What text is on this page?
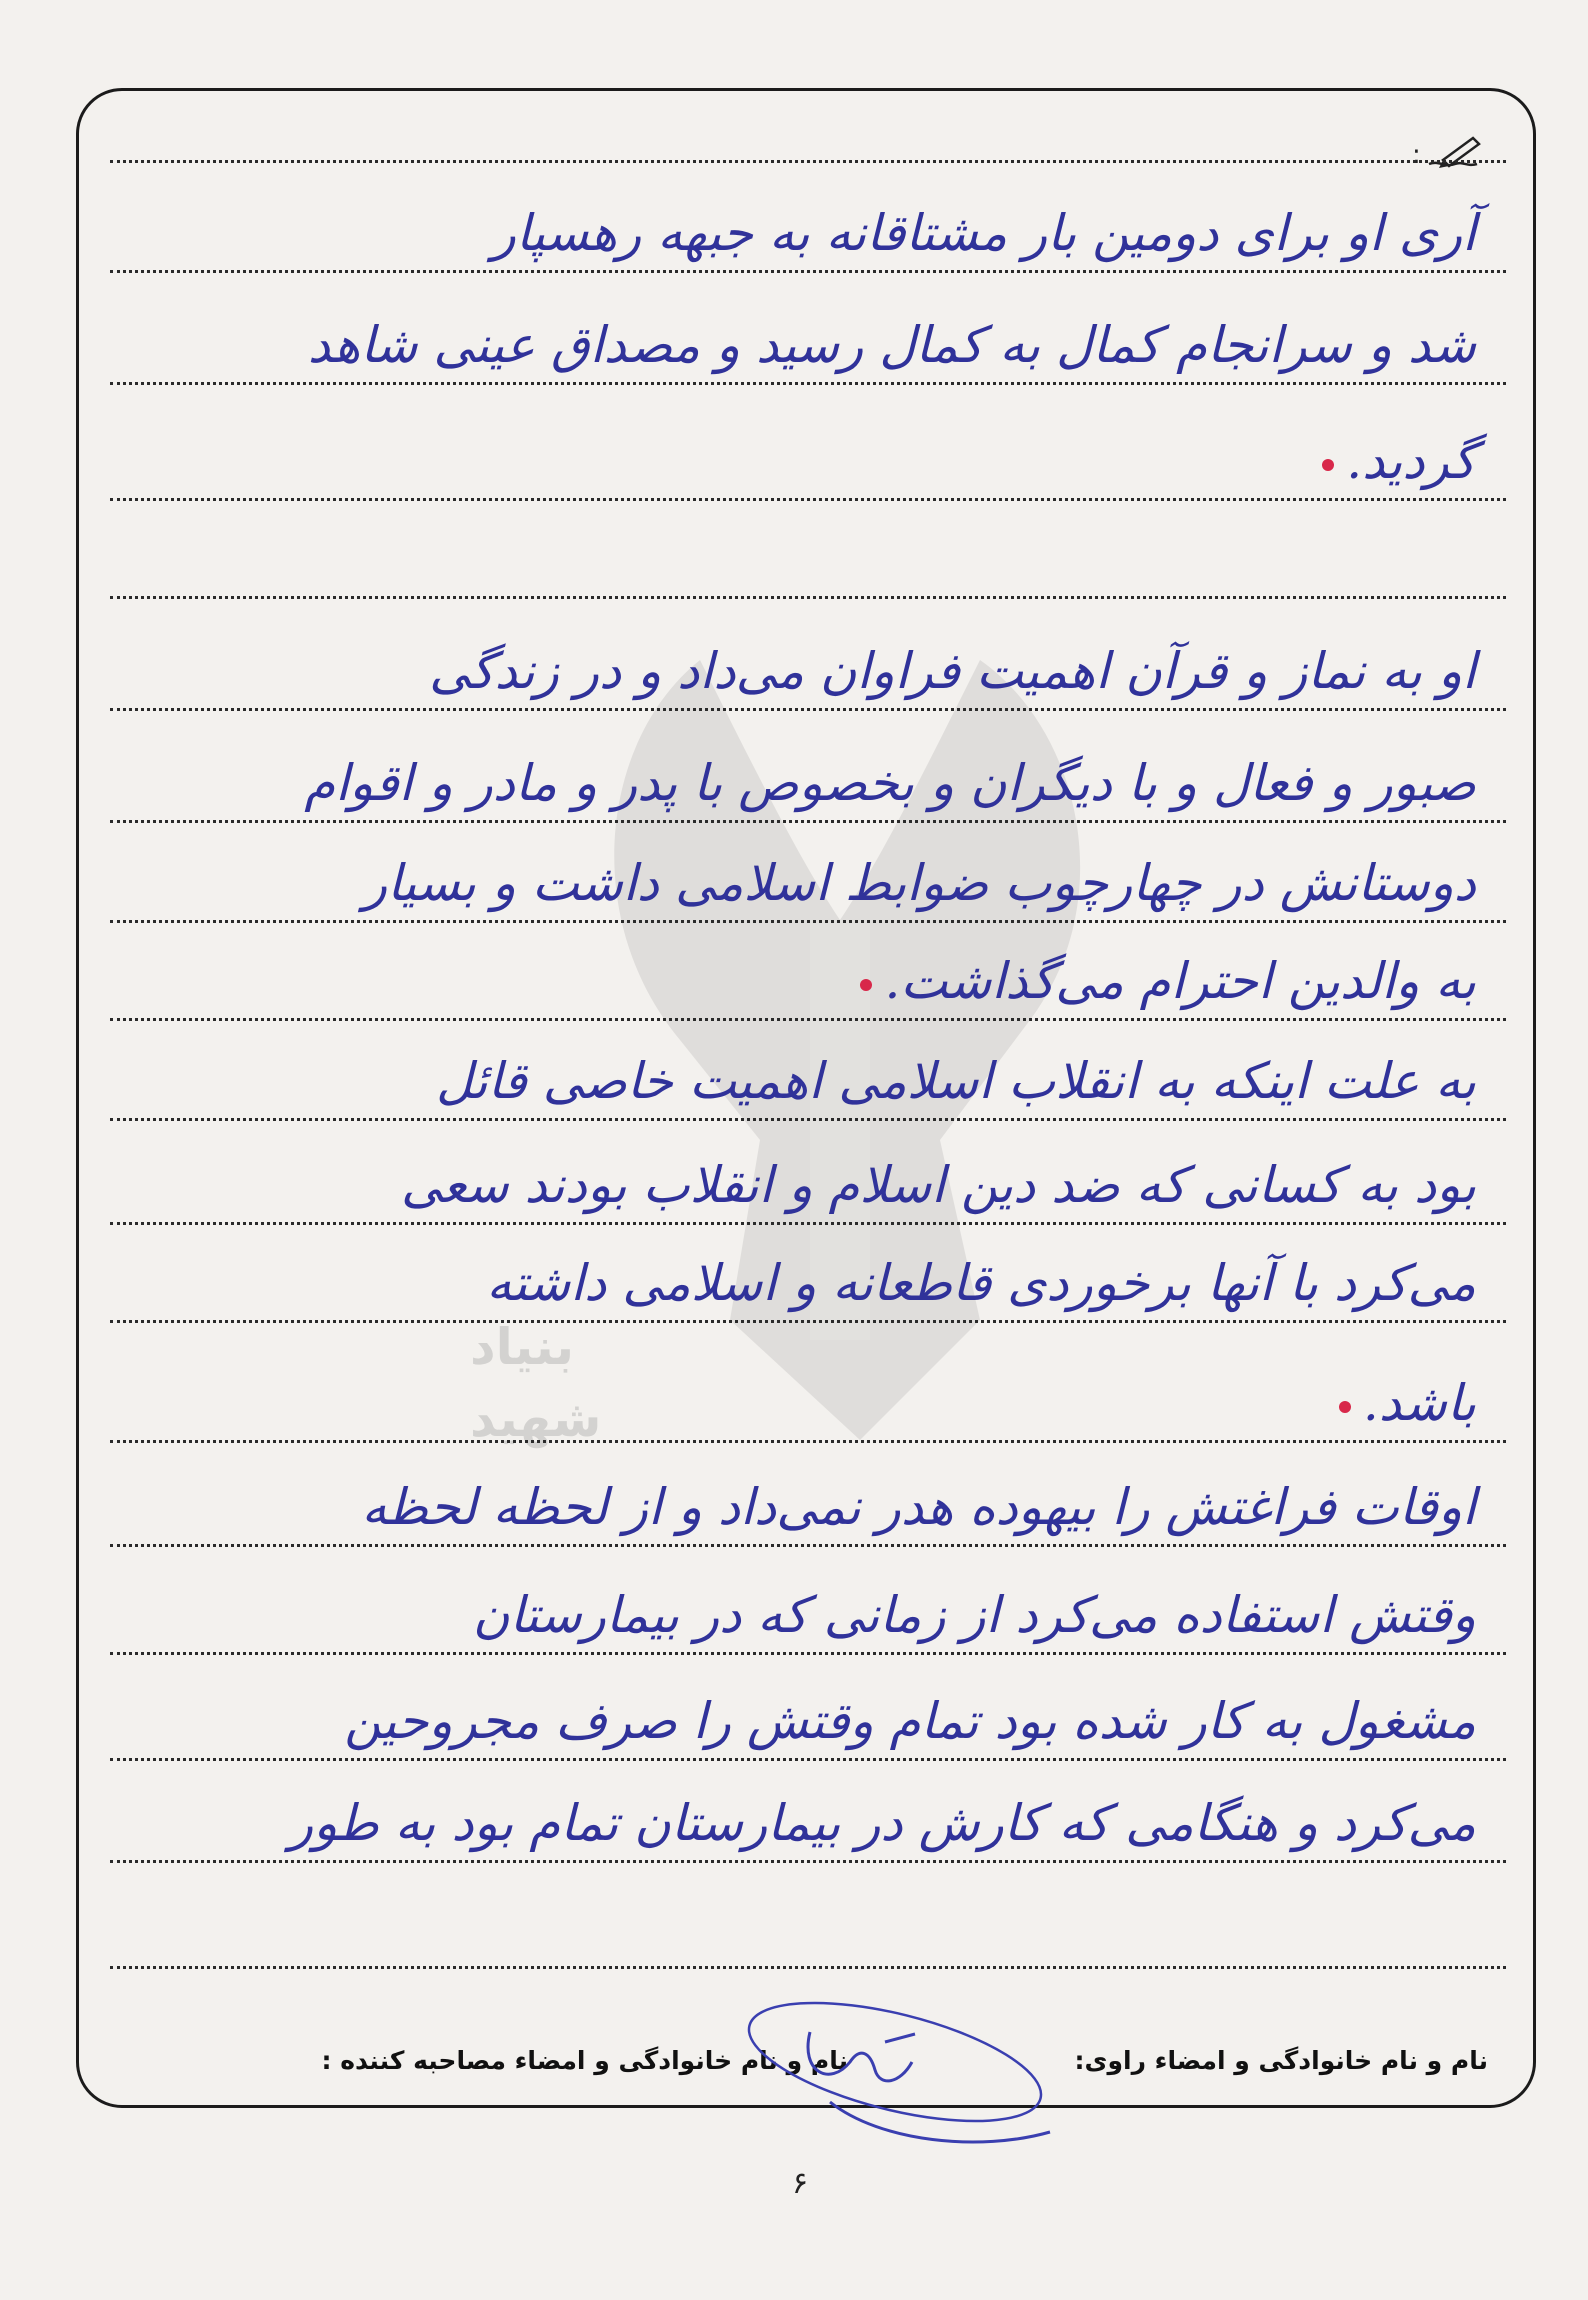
بنیاد
شهید
:
آری او برای دومین بار مشتاقانه به جبهه رهسپار
شد و سرانجام کمال به کمال رسید و مصداق عینی شاهد
گردید.
او به نماز و قرآن اهمیت فراوان می‌داد و در زندگی
صبور و فعال و با دیگران و بخصوص با پدر و مادر و اقوام
دوستانش در چهارچوب ضوابط اسلامی داشت و بسیار
به والدین احترام می‌گذاشت.
به علت اینکه به انقلاب اسلامی اهمیت خاصی قائل
بود به کسانی که ضد دین اسلام و انقلاب بودند سعی
می‌کرد با آنها برخوردی قاطعانه و اسلامی داشته
باشد.
اوقات فراغتش را بیهوده هدر نمی‌داد و از لحظه لحظه
وقتش استفاده می‌کرد از زمانی که در بیمارستان
مشغول به کار شده بود تمام وقتش را صرف مجروحین
می‌کرد و هنگامی که کارش در بیمارستان تمام بود به طور
نام و نام خانوادگی و امضاء راوی:
نام و نام خانوادگی و امضاء مصاحبه کننده :
۶
